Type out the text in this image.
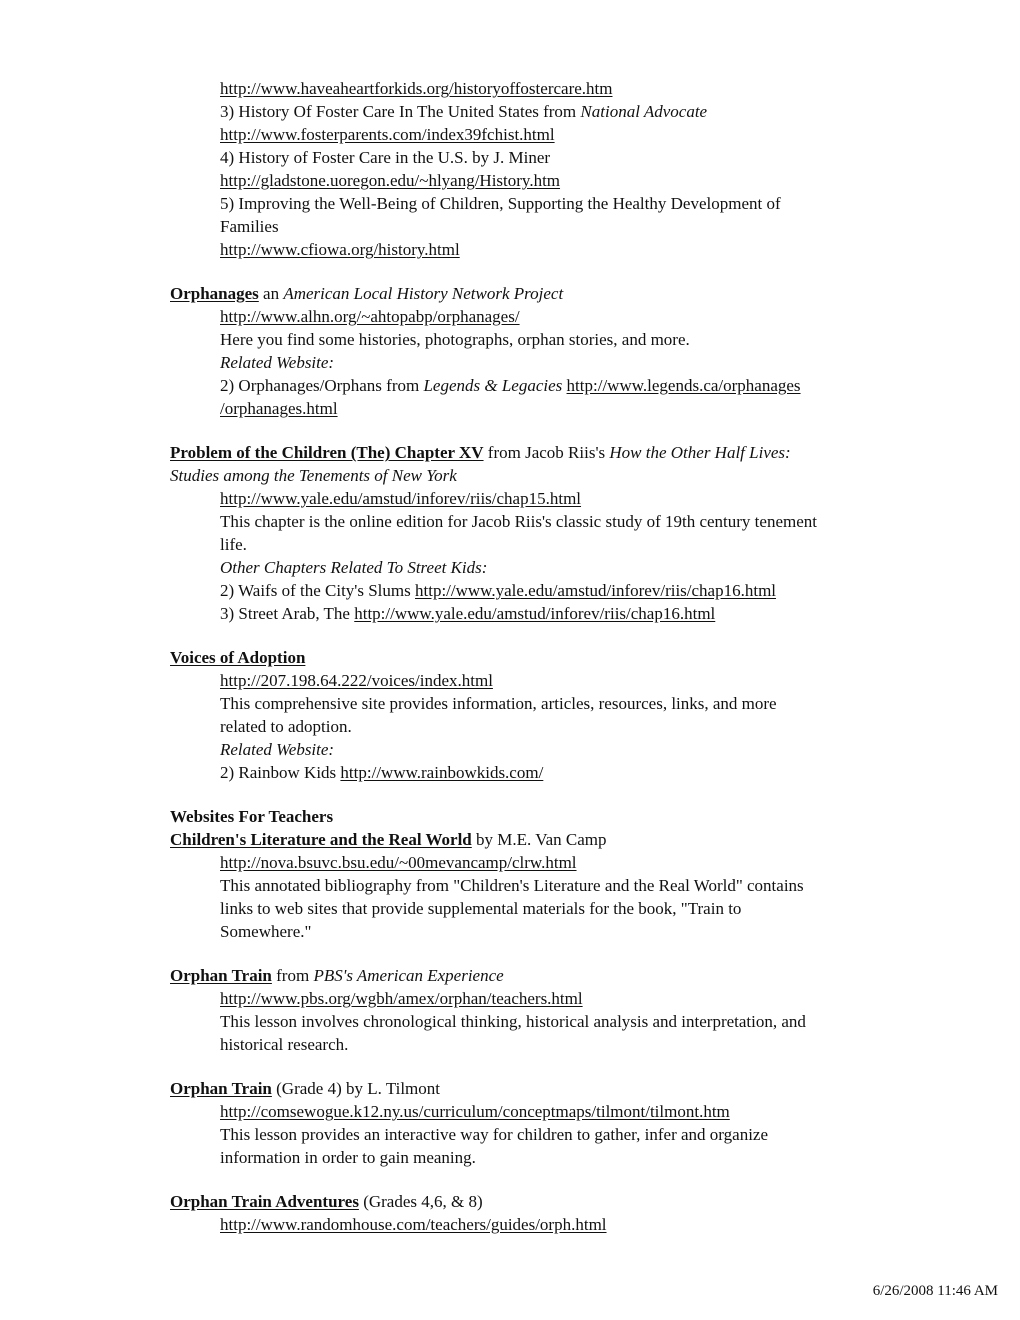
http://www.haveaheartforkids.org/historyoffostercare.htm
3) History Of Foster Care In The United States from National Advocate
http://www.fosterparents.com/index39fchist.html
4) History of Foster Care in the U.S. by J. Miner
http://gladstone.uoregon.edu/~hlyang/History.htm
5) Improving the Well-Being of Children, Supporting the Healthy Development of
Families
http://www.cfiowa.org/history.html
Orphanages an American Local History Network Project
http://www.alhn.org/~ahtopabp/orphanages/
Here you find some histories, photographs, orphan stories, and more.
Related Website:
2) Orphanages/Orphans from Legends & Legacies http://www.legends.ca/orphanages
/orphanages.html
Problem of the Children (The) Chapter XV from Jacob Riis's How the Other Half Lives:
Studies among the Tenements of New York
http://www.yale.edu/amstud/inforev/riis/chap15.html
This chapter is the online edition for Jacob Riis's classic study of 19th century tenement
life.
Other Chapters Related To Street Kids:
2) Waifs of the City's Slums http://www.yale.edu/amstud/inforev/riis/chap16.html
3) Street Arab, The http://www.yale.edu/amstud/inforev/riis/chap16.html
Voices of Adoption
http://207.198.64.222/voices/index.html
This comprehensive site provides information, articles, resources, links, and more
related to adoption.
Related Website:
2) Rainbow Kids http://www.rainbowkids.com/
Websites For Teachers
Children's Literature and the Real World by M.E. Van Camp
http://nova.bsuvc.bsu.edu/~00mevancamp/clrw.html
This annotated bibliography from "Children's Literature and the Real World" contains
links to web sites that provide supplemental materials for the book, "Train to
Somewhere."
Orphan Train from PBS's American Experience
http://www.pbs.org/wgbh/amex/orphan/teachers.html
This lesson involves chronological thinking, historical analysis and interpretation, and
historical research.
Orphan Train (Grade 4) by L. Tilmont
http://comsewogue.k12.ny.us/curriculum/conceptmaps/tilmont/tilmont.htm
This lesson provides an interactive way for children to gather, infer and organize
information in order to gain meaning.
Orphan Train Adventures (Grades 4,6, & 8)
http://www.randomhouse.com/teachers/guides/orph.html
6/26/2008 11:46 AM
